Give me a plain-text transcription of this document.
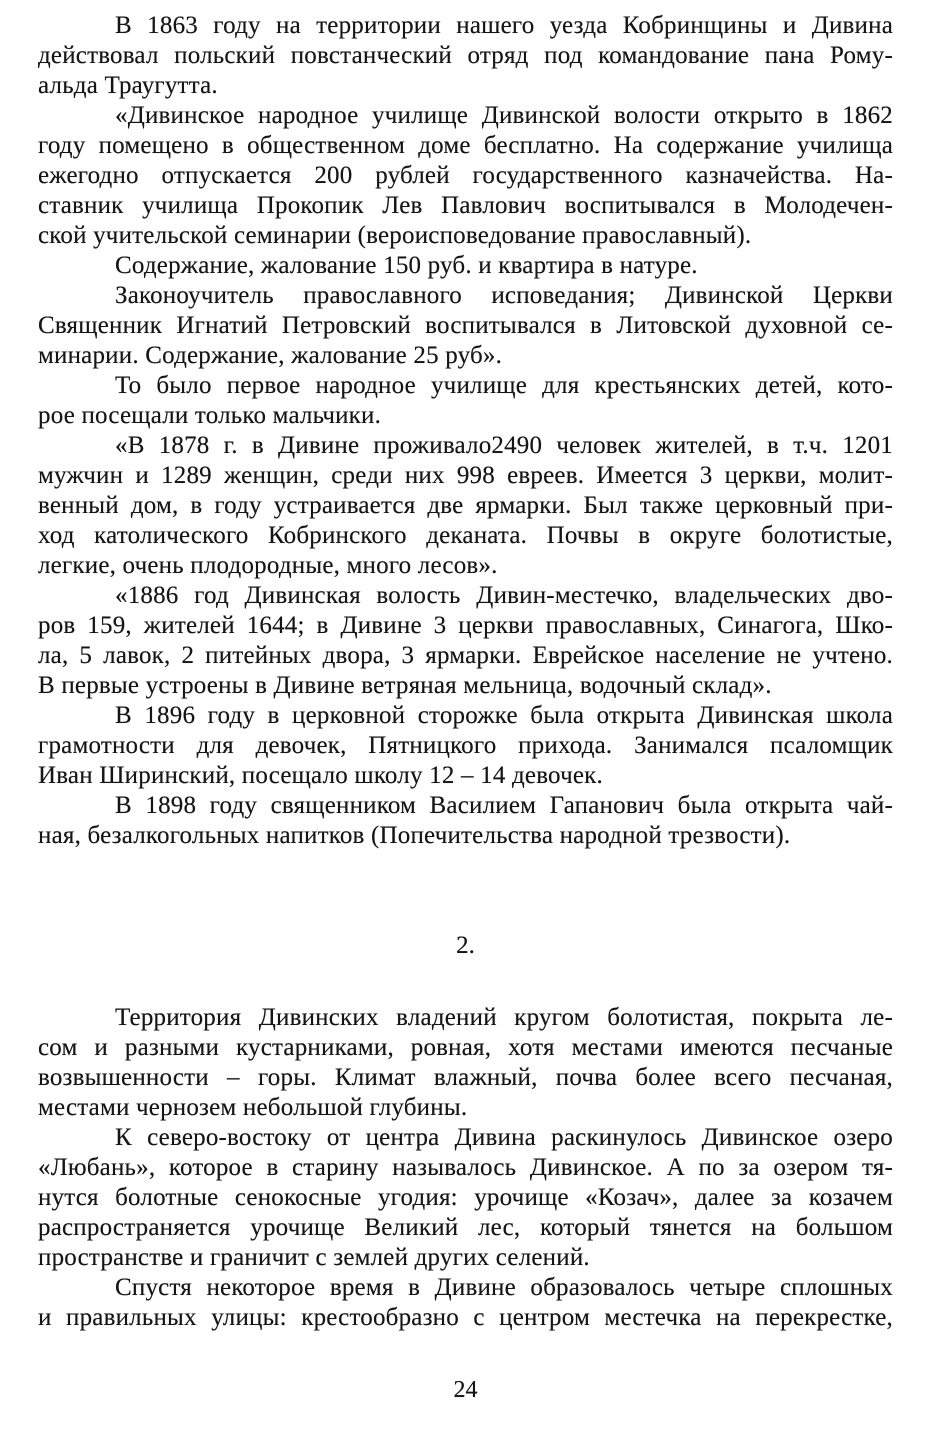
В 1863 году на территории нашего уезда Кобринщины и Дивина
действовал польский повстанческий отряд под командование пана Рому-
альда Траугутта.
«Дивинское народное училище Дивинской волости открыто в 1862
году помещено в общественном доме бесплатно. На содержание училища
ежегодно отпускается 200 рублей государственного казначейства. На-
ставник училища Прокопик Лев Павлович воспитывался в Молодечен-
ской учительской семинарии (вероисповедование православный).
Содержание, жалование 150 руб. и квартира в натуре.
Законоучитель православного исповедания; Дивинской Церкви
Священник Игнатий Петровский воспитывался в Литовской духовной се-
минарии. Содержание, жалование 25 руб».
То было первое народное училище для крестьянских детей, кото-
рое посещали только мальчики.
«В 1878 г. в Дивине проживало2490 человек жителей, в т.ч. 1201
мужчин и 1289 женщин, среди них 998 евреев. Имеется 3 церкви, молит-
венный дом, в году устраивается две ярмарки. Был также церковный при-
ход католического Кобринского деканата. Почвы в округе болотистые,
легкие, очень плодородные, много лесов».
«1886 год Дивинская волость Дивин-местечко, владельческих дво-
ров 159, жителей 1644; в Дивине 3 церкви православных, Синагога, Шко-
ла, 5 лавок, 2 питейных двора, 3 ярмарки. Еврейское население не учтено.
В первые устроены в Дивине ветряная мельница, водочный склад».
В 1896 году в церковной сторожке была открыта Дивинская школа
грамотности для девочек, Пятницкого прихода. Занимался псаломщик
Иван Ширинский, посещало школу 12 – 14 девочек.
В 1898 году священником Василием Гапанович была открыта чай-
ная, безалкогольных напитков (Попечительства народной трезвости).
2.
Территория Дивинских владений кругом болотистая, покрыта ле-
сом и разными кустарниками, ровная, хотя местами имеются песчаные
возвышенности – горы. Климат влажный, почва более всего песчаная,
местами чернозем небольшой глубины.
К северо-востоку от центра Дивина раскинулось Дивинское озеро
«Любань», которое в старину называлось Дивинское. А по за озером тя-
нутся болотные сенокосные угодия: урочище «Козач», далее за козачем
распространяется урочище Великий лес, который тянется на большом
пространстве и граничит с землей других селений.
Спустя некоторое время в Дивине образовалось четыре сплошных
и правильных улицы: крестообразно с центром местечка на перекрестке,
24
